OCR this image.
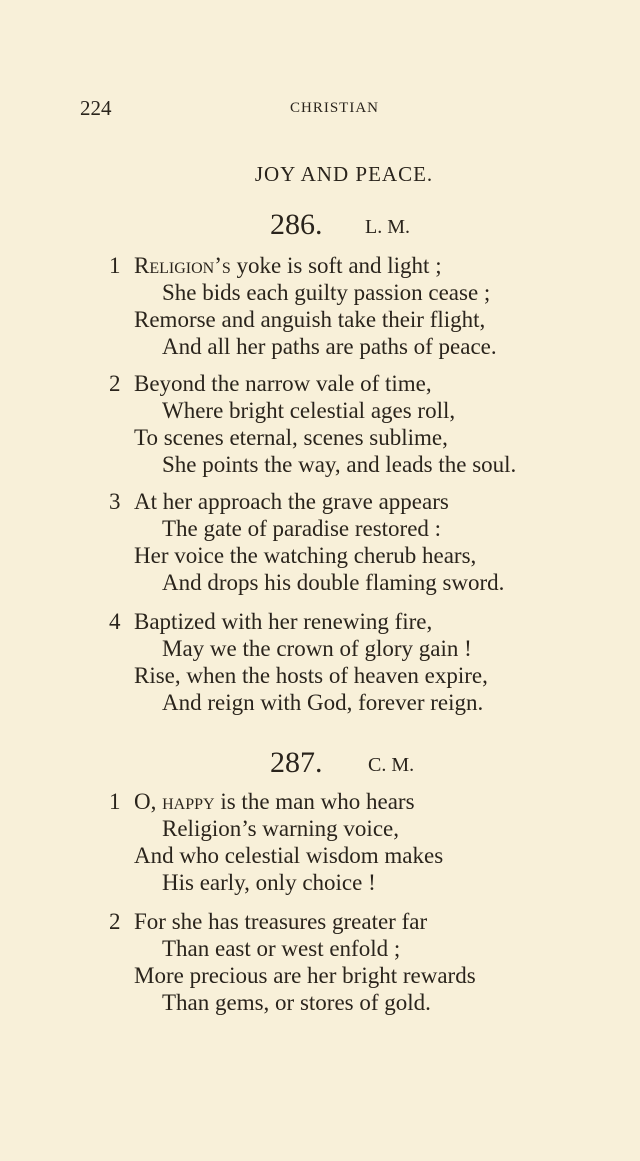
224	CHRISTIAN
JOY AND PEACE.
286. L. M.
1 Religion’s yoke is soft and light ;
She bids each guilty passion cease ;
Remorse and anguish take their flight,
And all her paths are paths of peace.
2 Beyond the narrow vale of time,
Where bright celestial ages roll,
To scenes eternal, scenes sublime,
She points the way, and leads the soul.
3 At her approach the grave appears
The gate of paradise restored :
Her voice the watching cherub hears,
And drops his double flaming sword.
4 Baptized with her renewing fire,
May we the crown of glory gain !
Rise, when the hosts of heaven expire,
And reign with God, forever reign.
287. C. M.
1 O, happy is the man who hears
Religion’s warning voice,
And who celestial wisdom makes
His early, only choice !
2 For she has treasures greater far
Than east or west enfold ;
More precious are her bright rewards
Than gems, or stores of gold.
